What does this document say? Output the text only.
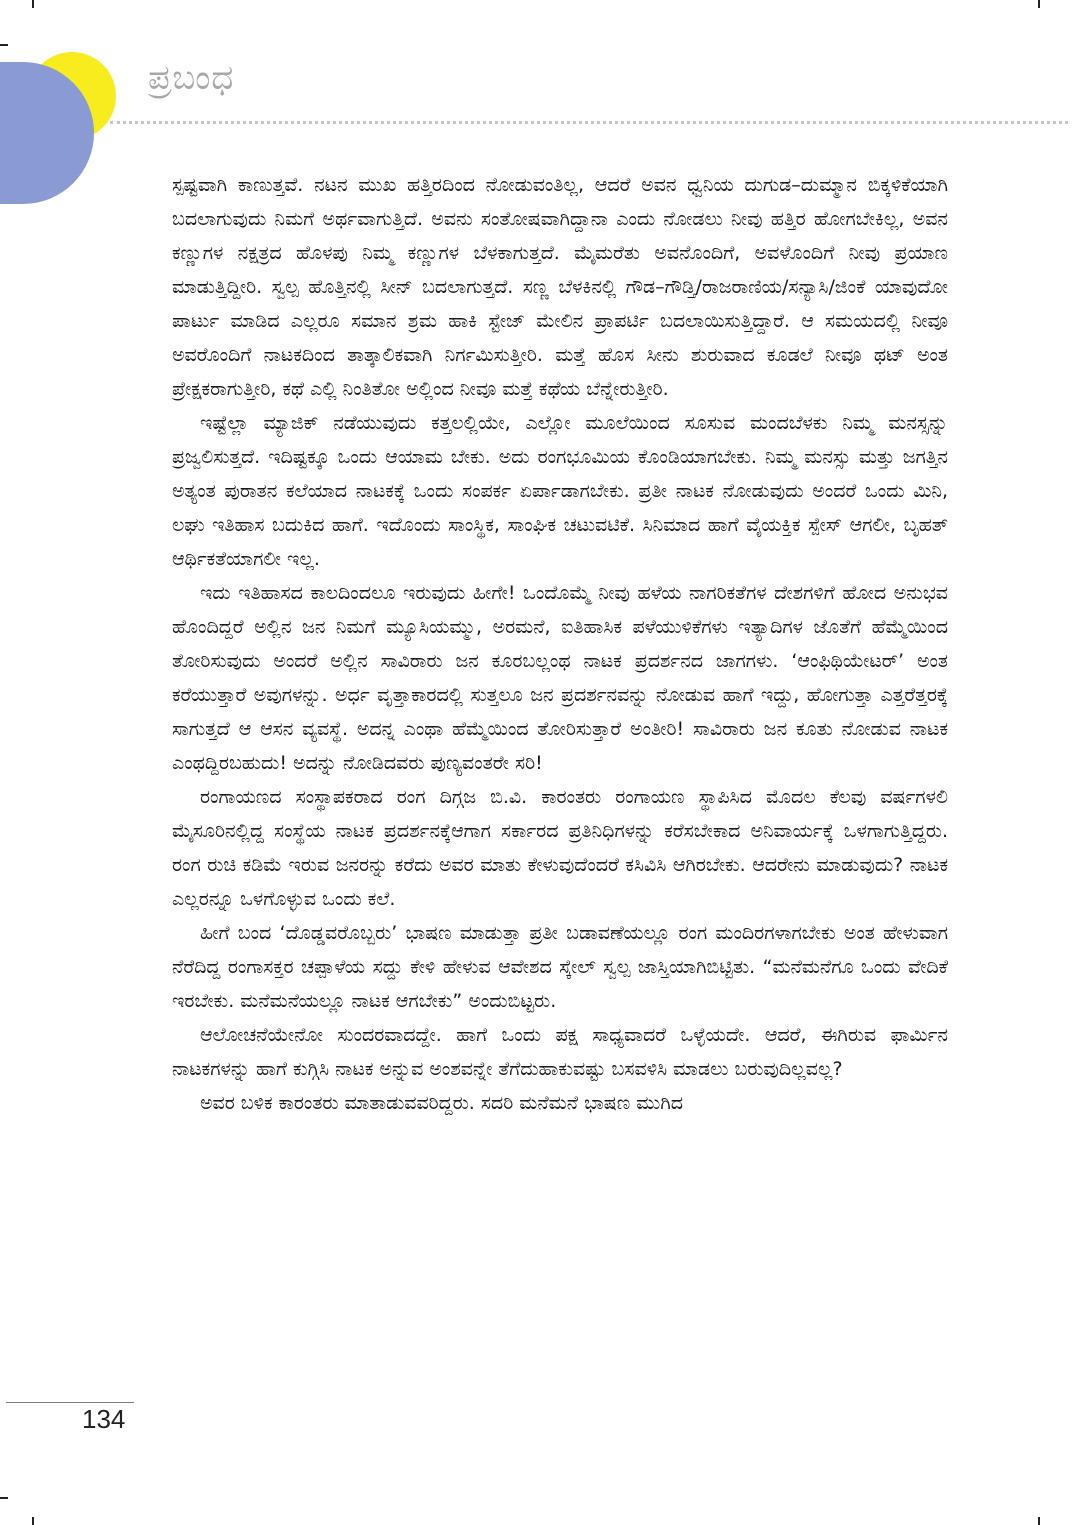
ಪ್ರಬಂಧ

ಸ್ಪಷ್ಟವಾಗಿ ಕಾಣುತ್ತವೆ. ನಟನ ಮುಖ ಹತ್ತಿರದಿಂದ ನೋಡುವಂತಿಲ್ಲ, ಆದರೆ ಅವನ ಧ್ವನಿಯ ದುಗುಡ–ದುಮ್ಮಾನ ಬಿಕ್ಕಳಿಕೆಯಾಗಿ ಬದಲಾಗುವುದು ನಿಮಗೆ ಅರ್ಥವಾಗುತ್ತಿದೆ. ಅವನು ಸಂತೋಷವಾಗಿದ್ದಾನಾ ಎಂದು ನೋಡಲು ನೀವು ಹತ್ತಿರ ಹೋಗಬೇಕಿಲ್ಲ, ಅವನ ಕಣ್ಣುಗಳ ನಕ್ಷತ್ರದ ಹೊಳಪು ನಿಮ್ಮ ಕಣ್ಣುಗಳ ಬೆಳಕಾಗುತ್ತದೆ. ಮೈಮರೆತು ಅವನೊಂದಿಗೆ, ಅವಳೊಂದಿಗೆ ನೀವು ಪ್ರಯಾಣ ಮಾಡುತ್ತಿದ್ದೀರಿ. ಸ್ವಲ್ಪ ಹೊತ್ತಿನಲ್ಲಿ ಸೀನ್ ಬದಲಾಗುತ್ತದೆ. ಸಣ್ಣ ಬೆಳಕಿನಲ್ಲಿ ಗೌಡ–ಗೌಡ್ತಿ/ರಾಜರಾಣಿಯ/ಸನ್ಯಾಸಿ/ಜಿಂಕೆ ಯಾವುದೋ ಪಾರ್ಟು ಮಾಡಿದ ಎಲ್ಲರೂ ಸಮಾನ ಶ್ರಮ ಹಾಕಿ ಸ್ಟೇಜ್ ಮೇಲಿನ ಪ್ರಾಪರ್ಟಿ ಬದಲಾಯಿಸುತ್ತಿದ್ದಾರೆ. ಆ ಸಮಯದಲ್ಲಿ ನೀವೂ ಅವರೊಂದಿಗೆ ನಾಟಕದಿಂದ ತಾತ್ಕಾಲಿಕವಾಗಿ ನಿರ್ಗಮಿಸುತ್ತೀರಿ. ಮತ್ತೆ ಹೊಸ ಸೀನು ಶುರುವಾದ ಕೂಡಲೆ ನೀವೂ ಥಟ್ ಅಂತ ಪ್ರೇಕ್ಷಕರಾಗುತ್ತೀರಿ, ಕಥೆ ಎಲ್ಲಿ ನಿಂತಿತೋ ಅಲ್ಲಿಂದ ನೀವೂ ಮತ್ತೆ ಕಥೆಯ ಬೆನ್ನೇರುತ್ತೀರಿ.

ಇಷ್ಟೆಲ್ಲಾ ಮ್ಯಾಜಿಕ್ ನಡೆಯುವುದು ಕತ್ತಲಲ್ಲಿಯೇ, ಎಲ್ಲೋ ಮೂಲೆಯಿಂದ ಸೂಸುವ ಮಂದಬೆಳಕು ನಿಮ್ಮ ಮನಸ್ಸನ್ನು ಪ್ರಜ್ವಲಿಸುತ್ತದೆ. ಇದಿಷ್ಟಕ್ಕೂ ಒಂದು ಆಯಾಮ ಬೇಕು. ಅದು ರಂಗಭೂಮಿಯ ಕೊಂಡಿಯಾಗಬೇಕು. ನಿಮ್ಮ ಮನಸ್ಸು ಮತ್ತು ಜಗತ್ತಿನ ಅತ್ಯಂತ ಪುರಾತನ ಕಲೆಯಾದ ನಾಟಕಕ್ಕೆ ಒಂದು ಸಂಪರ್ಕ ಏರ್ಪಾಡಾಗಬೇಕು. ಪ್ರತೀ ನಾಟಕ ನೋಡುವುದು ಅಂದರೆ ಒಂದು ಮಿನಿ, ಲಘು ಇತಿಹಾಸ ಬದುಕಿದ ಹಾಗೆ. ಇದೊಂದು ಸಾಂಸ್ಥಿಕ, ಸಾಂಘಿಕ ಚಟುವಟಿಕೆ. ಸಿನಿಮಾದ ಹಾಗೆ ವೈಯಕ್ತಿಕ ಸ್ಪೇಸ್ ಆಗಲೀ, ಬೃಹತ್ ಆರ್ಥಿಕತೆಯಾಗಲೀ ಇಲ್ಲ.

ಇದು ಇತಿಹಾಸದ ಕಾಲದಿಂದಲೂ ಇರುವುದು ಹೀಗೇ! ಒಂದೊಮ್ಮೆ ನೀವು ಹಳೆಯ ನಾಗರಿಕತೆಗಳ ದೇಶಗಳಿಗೆ ಹೋದ ಅನುಭವ ಹೊಂದಿದ್ದರೆ ಅಲ್ಲಿನ ಜನ ನಿಮಗೆ ಮ್ಯೂಸಿಯಮ್ಮು, ಅರಮನೆ, ಐತಿಹಾಸಿಕ ಪಳೆಯುಳಿಕೆಗಳು ಇತ್ಯಾದಿಗಳ ಜೊತೆಗೆ ಹೆಮ್ಮೆಯಿಂದ ತೋರಿಸುವುದು ಅಂದರೆ ಅಲ್ಲಿನ ಸಾವಿರಾರು ಜನ ಕೂರಬಲ್ಲಂಥ ನಾಟಕ ಪ್ರದರ್ಶನದ ಜಾಗಗಳು. ‘ಆಂಫಿಥಿಯೇಟರ್’ ಅಂತ ಕರೆಯುತ್ತಾರೆ ಅವುಗಳನ್ನು. ಅರ್ಧ ವೃತ್ತಾಕಾರದಲ್ಲಿ ಸುತ್ತಲೂ ಜನ ಪ್ರದರ್ಶನವನ್ನು ನೋಡುವ ಹಾಗೆ ಇದ್ದು, ಹೋಗುತ್ತಾ ಎತ್ತರೆತ್ತರಕ್ಕೆ ಸಾಗುತ್ತದೆ ಆ ಆಸನ ವ್ಯವಸ್ಥೆ. ಅದನ್ನ ಎಂಥಾ ಹೆಮ್ಮೆಯಿಂದ ತೋರಿಸುತ್ತಾರೆ ಅಂತೀರಿ! ಸಾವಿರಾರು ಜನ ಕೂತು ನೋಡುವ ನಾಟಕ ಎಂಥದ್ದಿರಬಹುದು! ಅದನ್ನು ನೋಡಿದವರು ಪುಣ್ಯವಂತರೇ ಸರಿ!

ರಂಗಾಯಣದ ಸಂಸ್ಥಾಪಕರಾದ ರಂಗ ದಿಗ್ಗಜ ಬಿ.ವಿ. ಕಾರಂತರು ರಂಗಾಯಣ ಸ್ಥಾಪಿಸಿದ ಮೊದಲ ಕೆಲವು ವರ್ಷಗಳಲಿ ಮೈಸೂರಿನಲ್ಲಿದ್ದ ಸಂಸ್ಥೆಯ ನಾಟಕ ಪ್ರದರ್ಶನಕ್ಕೆಆಗಾಗ ಸರ್ಕಾರದ ಪ್ರತಿನಿಧಿಗಳನ್ನು ಕರೆಸಬೇಕಾದ ಅನಿವಾರ್ಯಕ್ಕೆ ಒಳಗಾಗುತ್ತಿದ್ದರು. ರಂಗ ರುಚಿ ಕಡಿಮೆ ಇರುವ ಜನರನ್ನು ಕರೆದು ಅವರ ಮಾತು ಕೇಳುವುದೆಂದರೆ ಕಸಿವಿಸಿ ಆಗಿರಬೇಕು. ಆದರೇನು ಮಾಡುವುದು? ನಾಟಕ ಎಲ್ಲರನ್ನೂ ಒಳಗೊಳ್ಳುವ ಒಂದು ಕಲೆ.

ಹೀಗೆ ಬಂದ ‘ದೊಡ್ಡವರೊಬ್ಬರು’ ಭಾಷಣ ಮಾಡುತ್ತಾ ಪ್ರತೀ ಬಡಾವಣೆಯಲ್ಲೂ ರಂಗ ಮಂದಿರಗಳಾಗಬೇಕು ಅಂತ ಹೇಳುವಾಗ ನೆರೆದಿದ್ದ ರಂಗಾಸಕ್ತರ ಚಪ್ಪಾಳೆಯ ಸದ್ದು ಕೇಳಿ ಹೇಳುವ ಆವೇಶದ ಸ್ಕೇಲ್ ಸ್ವಲ್ಪ ಜಾಸ್ತಿಯಾಗಿಬಿಟ್ಟಿತು. “ಮನೆಮನೆಗೂ ಒಂದು ವೇದಿಕೆ ಇರಬೇಕು. ಮನೆಮನೆಯಲ್ಲೂ ನಾಟಕ ಆಗಬೇಕು” ಅಂದುಬಿಟ್ಟರು.

ಆಲೋಚನೆಯೇನೋ ಸುಂದರವಾದದ್ದೇ. ಹಾಗೆ ಒಂದು ಪಕ್ಷ ಸಾಧ್ಯವಾದರೆ ಒಳ್ಳೆಯದೇ. ಆದರೆ, ಈಗಿರುವ ಫಾರ್ಮಿನ ನಾಟಕಗಳನ್ನು ಹಾಗೆ ಕುಗ್ಗಿಸಿ ನಾಟಕ ಅನ್ನುವ ಅಂಶವನ್ನೇ ತೆಗೆದುಹಾಕುವಷ್ಟು ಬಸವಳಿಸಿ ಮಾಡಲು ಬರುವುದಿಲ್ಲವಲ್ಲ?

ಅವರ ಬಳಿಕ ಕಾರಂತರು ಮಾತಾಡುವವರಿದ್ದರು. ಸದರಿ ಮನೆಮನೆ ಭಾಷಣ ಮುಗಿದ

134
